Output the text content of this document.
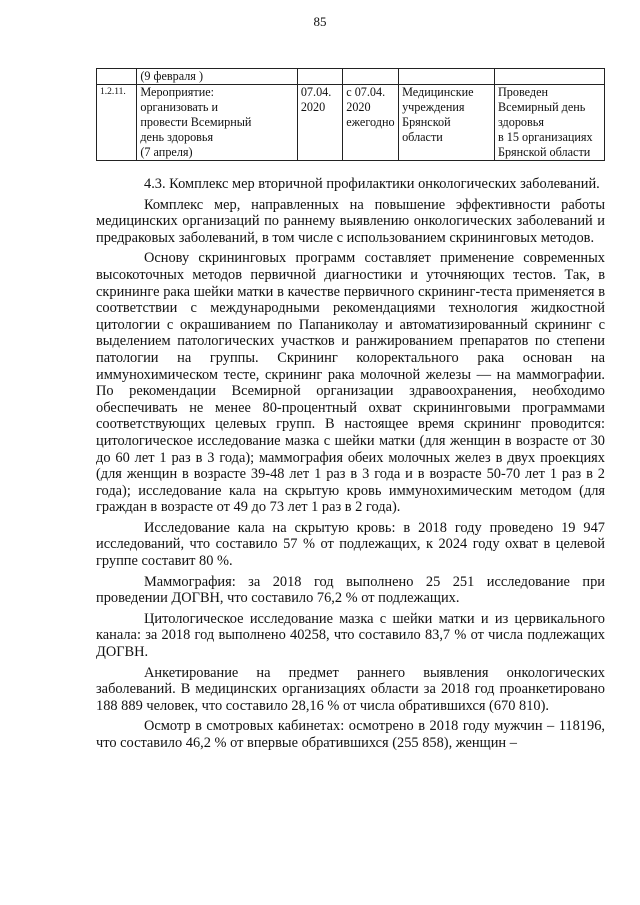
85
	(9 февраля )				
1.2.11.	Мероприятие:
организовать и
провести Всемирный
день здоровья
(7 апреля)	07.04.
2020	с 07.04.
2020
ежегодно	Медицинские
учреждения
Брянской
области	Проведен
Всемирный день
здоровья
в 15 организациях
Брянской области

4.3. Комплекс мер вторичной профилактики онкологических заболеваний.

Комплекс мер, направленных на повышение эффективности работы медицинских организаций по раннему выявлению онкологических заболеваний и предраковых заболеваний, в том числе с использованием скрининговых методов.

Основу скрининговых программ составляет применение современных высокоточных методов первичной диагностики и уточняющих тестов. Так, в скрининге рака шейки матки в качестве первичного скрининг-теста применяется в соответствии с международными рекомендациями технология жидкостной цитологии с окрашиванием по Папаниколау и автоматизированный скрининг с выделением патологических участков и ранжированием препаратов по степени патологии на группы. Скрининг колоректального рака основан на иммунохимическом тесте, скрининг рака молочной железы — на маммографии. По рекомендации Всемирной организации здравоохранения, необходимо обеспечивать не менее 80-процентный охват скрининговыми программами соответствующих целевых групп. В настоящее время скрининг проводится: цитологическое исследование мазка с шейки матки (для женщин в возрасте от 30 до 60 лет 1 раз в 3 года); маммография обеих молочных желез в двух проекциях (для женщин в возрасте 39-48 лет 1 раз в 3 года и в возрасте 50-70 лет 1 раз в 2 года); исследование кала на скрытую кровь иммунохимическим методом (для граждан в возрасте от 49 до 73 лет 1 раз в 2 года).

Исследование кала на скрытую кровь: в 2018 году проведено 19 947 исследований, что составило 57 % от подлежащих, к 2024 году охват в целевой группе составит 80 %.

Маммография: за 2018 год выполнено 25 251 исследование при проведении ДОГВН, что составило 76,2 % от подлежащих.

Цитологическое исследование мазка с шейки матки и из цервикального канала: за 2018 год выполнено 40258, что составило 83,7 % от числа подлежащих ДОГВН.

Анкетирование на предмет раннего выявления онкологических заболеваний. В медицинских организациях области за 2018 год проанкетировано 188 889 человек, что составило 28,16 % от числа обратившихся (670 810).

Осмотр в смотровых кабинетах: осмотрено в 2018 году мужчин – 118196, что составило 46,2 % от впервые обратившихся (255 858), женщин –
